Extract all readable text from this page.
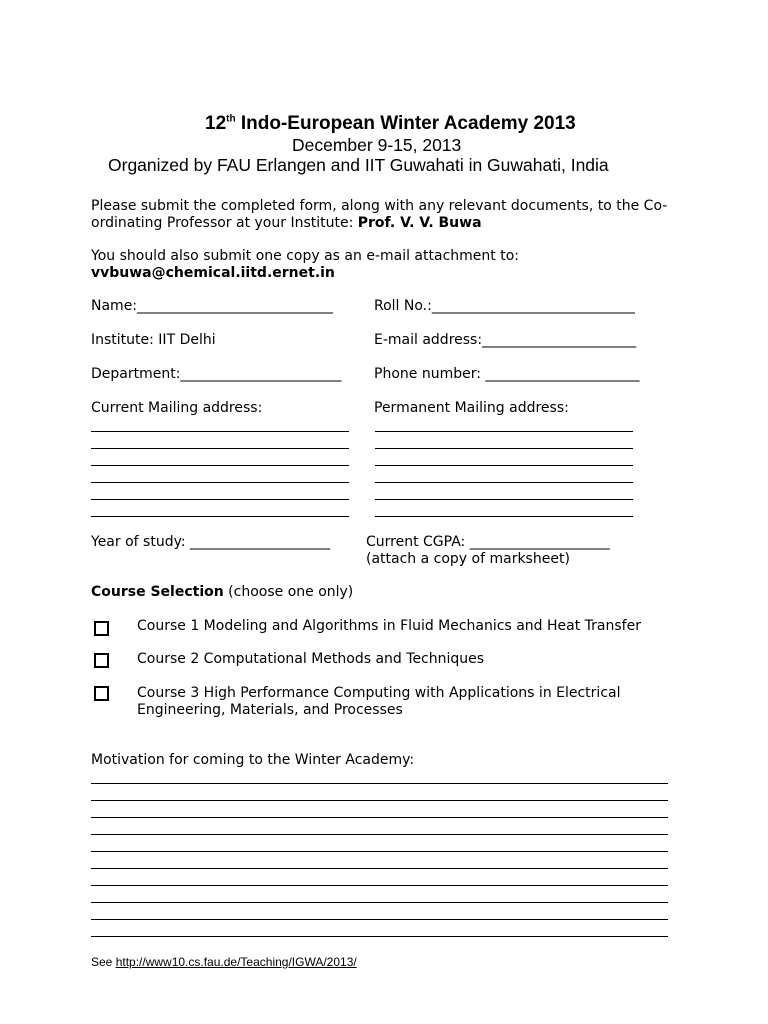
12th Indo-European Winter Academy 2013
December 9-15, 2013
Organized by FAU Erlangen and IIT Guwahati in Guwahati, India
Please submit the completed form, along with any relevant documents, to the Co-
ordinating Professor at your Institute: Prof. V. V. Buwa
You should also submit one copy as an e-mail attachment to:
vvbuwa@chemical.iitd.ernet.in
Name:____________________________	Roll No.:_____________________________
Institute: IIT Delhi	E-mail address:______________________
Department:_______________________ Phone number: ______________________
Current Mailing address:	Permanent Mailing address:
Year of study: ____________________	Current CGPA: ____________________
(attach a copy of marksheet)
Course Selection (choose one only)
Course 1 Modeling and Algorithms in Fluid Mechanics and Heat Transfer
Course 2 Computational Methods and Techniques
Course 3 High Performance Computing with Applications in Electrical
Engineering, Materials, and Processes
Motivation for coming to the Winter Academy:
See http://www10.cs.fau.de/Teaching/IGWA/2013/
